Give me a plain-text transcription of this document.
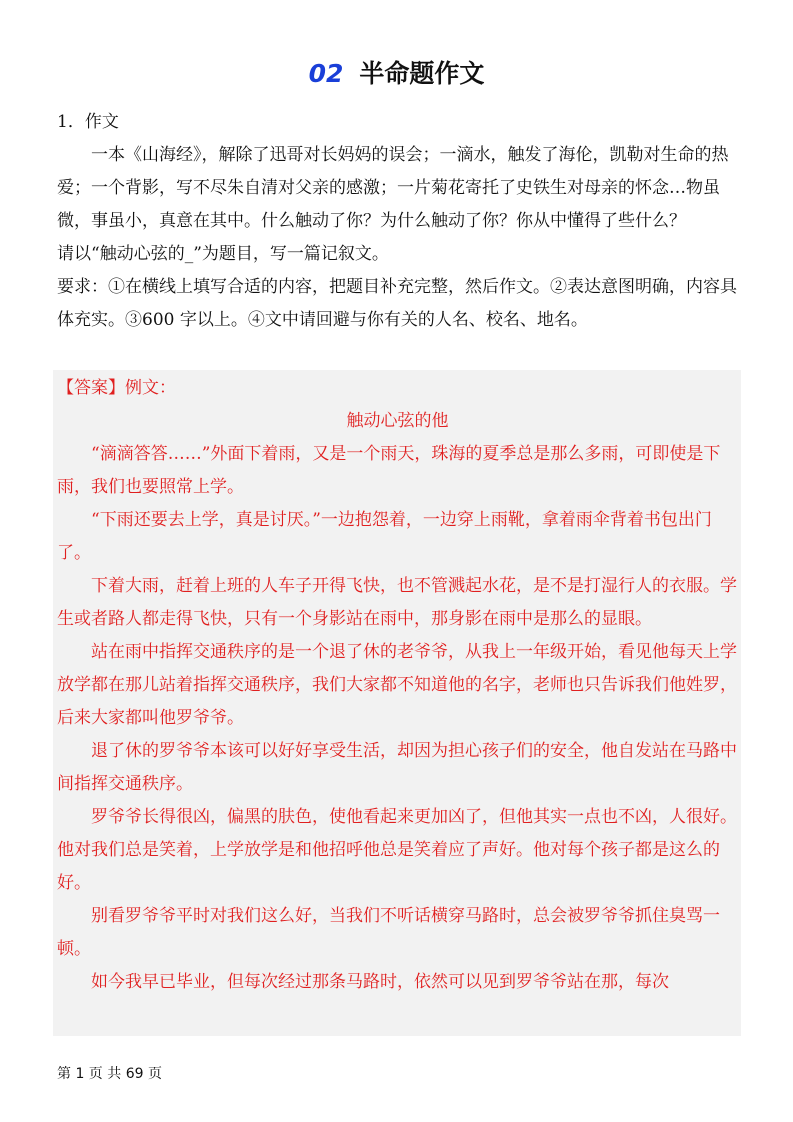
02 半命题作文

1．作文

一本《山海经》，解除了迅哥对长妈妈的误会；一滴水，触发了海伦，凯勒对生命的热爱；一个背影，写不尽朱自清对父亲的感激；一片菊花寄托了史铁生对母亲的怀念…物虽微，事虽小，真意在其中。什么触动了你？为什么触动了你？你从中懂得了些什么？

请以“触动心弦的_”为题目，写一篇记叙文。

要求：①在横线上填写合适的内容，把题目补充完整，然后作文。②表达意图明确，内容具体充实。③600 字以上。④文中请回避与你有关的人名、校名、地名。

【答案】例文：

触动心弦的他

“滴滴答答……”外面下着雨，又是一个雨天，珠海的夏季总是那么多雨，可即使是下雨，我们也要照常上学。

“下雨还要去上学，真是讨厌。”一边抱怨着，一边穿上雨靴，拿着雨伞背着书包出门了。

下着大雨，赶着上班的人车子开得飞快，也不管溅起水花，是不是打湿行人的衣服。学生或者路人都走得飞快，只有一个身影站在雨中，那身影在雨中是那么的显眼。

站在雨中指挥交通秩序的是一个退了休的老爷爷，从我上一年级开始，看见他每天上学放学都在那儿站着指挥交通秩序，我们大家都不知道他的名字，老师也只告诉我们他姓罗，后来大家都叫他罗爷爷。

退了休的罗爷爷本该可以好好享受生活，却因为担心孩子们的安全，他自发站在马路中间指挥交通秩序。

罗爷爷长得很凶，偏黑的肤色，使他看起来更加凶了，但他其实一点也不凶，人很好。他对我们总是笑着，上学放学是和他招呼他总是笑着应了声好。他对每个孩子都是这么的好。

别看罗爷爷平时对我们这么好，当我们不听话横穿马路时，总会被罗爷爷抓住臭骂一顿。

如今我早已毕业，但每次经过那条马路时，依然可以见到罗爷爷站在那，每次

第 1 页 共 69 页
